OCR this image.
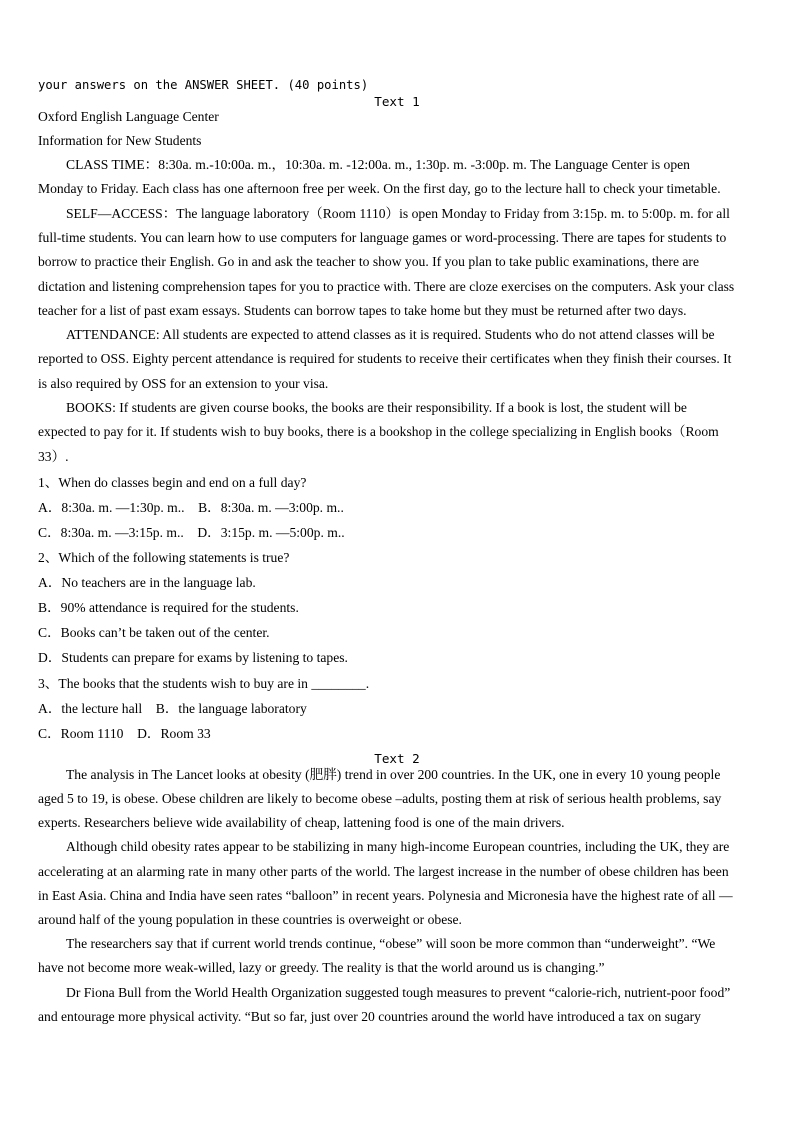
your answers on the ANSWER SHEET. (40 points)
Text 1
Oxford English Language Center
Information for New Students
CLASS TIME：8:30a. m.-10:00a. m.，10:30a. m. -12:00a. m., 1:30p. m. -3:00p. m. The Language Center is open
Monday to Friday. Each class has one afternoon free per week. On the first day, go to the lecture hall to check your timetable.
SELF—ACCESS：The language laboratory（Room 1110）is open Monday to Friday from 3:15p. m. to 5:00p. m. for all
full-time students. You can learn how to use computers for language games or word-processing. There are tapes for students to
borrow to practice their English. Go in and ask the teacher to show you. If you plan to take public examinations, there are
dictation and listening comprehension tapes for you to practice with. There are cloze exercises on the computers. Ask your class
teacher for a list of past exam essays. Students can borrow tapes to take home but they must be returned after two days.
ATTENDANCE: All students are expected to attend classes as it is required. Students who do not attend classes will be
reported to OSS. Eighty percent attendance is required for students to receive their certificates when they finish their courses. It
is also required by OSS for an extension to your visa.
BOOKS: If students are given course books, the books are their responsibility. If a book is lost, the student will be
expected to pay for it. If students wish to buy books, there is a bookshop in the college specializing in English books（Room
33）.
1、When do classes begin and end on a full day?
A．8:30a. m. —1:30p. m..    B．8:30a. m. —3:00p. m..
C．8:30a. m. —3:15p. m..    D．3:15p. m. —5:00p. m..
2、Which of the following statements is true?
A．No teachers are in the language lab.
B．90% attendance is required for the students.
C．Books can’t be taken out of the center.
D．Students can prepare for exams by listening to tapes.
3、The books that the students wish to buy are in ________.
A．the lecture hall    B．the language laboratory
C．Room 1110    D．Room 33
Text 2
The analysis in The Lancet looks at obesity (肥胖) trend in over 200 countries. In the UK, one in every 10 young people
aged 5 to 19, is obese. Obese children are likely to become obese –adults, posting them at risk of serious health problems, say
experts. Researchers believe wide availability of cheap, lattening food is one of the main drivers.
Although child obesity rates appear to be stabilizing in many high-income European countries, including the UK, they are
accelerating at an alarming rate in many other parts of the world. The largest increase in the number of obese children has been
in East Asia. China and India have seen rates “balloon” in recent years. Polynesia and Micronesia have the highest rate of all —
around half of the young population in these countries is overweight or obese.
The researchers say that if current world trends continue, “obese” will soon be more common than “underweight”. “We
have not become more weak-willed, lazy or greedy. The reality is that the world around us is changing.”
Dr Fiona Bull from the World Health Organization suggested tough measures to prevent “calorie-rich, nutrient-poor food”
and entourage more physical activity. “But so far, just over 20 countries around the world have introduced a tax on sugary
